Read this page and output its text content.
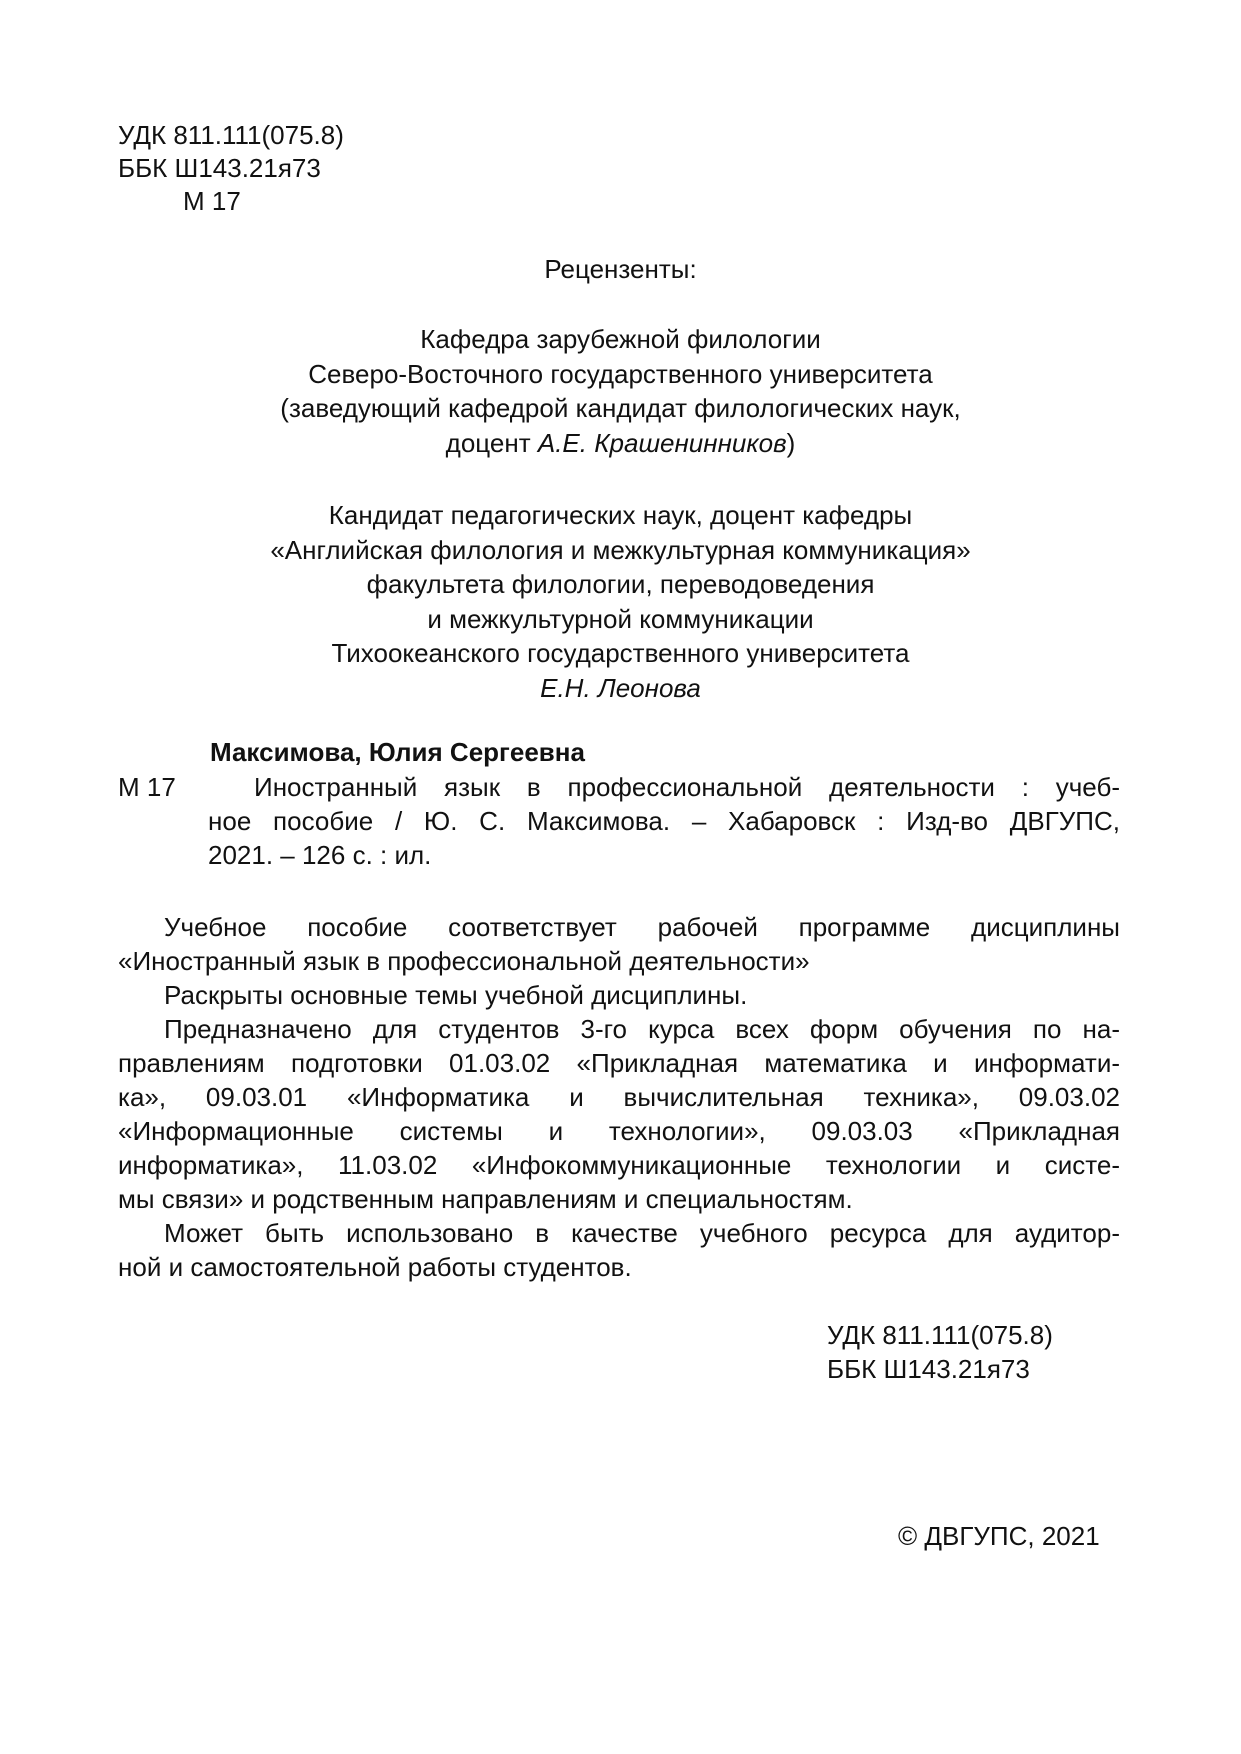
УДК 811.111(075.8)
ББК Ш143.21я73
М 17

Рецензенты:

Кафедра зарубежной филологии

Северо-Восточного государственного университета

(заведующий кафедрой кандидат филологических наук,

доцент А.Е. Крашенинников)

Кандидат педагогических наук, доцент кафедры

«Английская филология и межкультурная коммуникация»

факультета филологии, переводоведения

и межкультурной коммуникации

Тихоокеанского государственного университета

Е.Н. Леонова

Максимова, Юлия Сергеевна
М 17	Иностранный язык в профессиональной деятельности : учеб-

ное пособие / Ю. С. Максимова. – Хабаровск : Изд-во ДВГУПС,

2021. – 126 с. : ил.

Учебное пособие соответствует рабочей программе дисциплины

«Иностранный язык в профессиональной деятельности»

Раскрыты основные темы учебной дисциплины.

Предназначено для студентов 3-го курса всех форм обучения по на-

правлениям подготовки 01.03.02 «Прикладная математика и информати-

ка», 09.03.01 «Информатика и вычислительная техника», 09.03.02

«Информационные системы и технологии», 09.03.03 «Прикладная

информатика», 11.03.02 «Инфокоммуникационные технологии и систе-

мы связи» и родственным направлениям и специальностям.

Может быть использовано в качестве учебного ресурса для аудитор-

ной и самостоятельной работы студентов.

УДК 811.111(075.8)
ББК Ш143.21я73
© ДВГУПС, 2021
